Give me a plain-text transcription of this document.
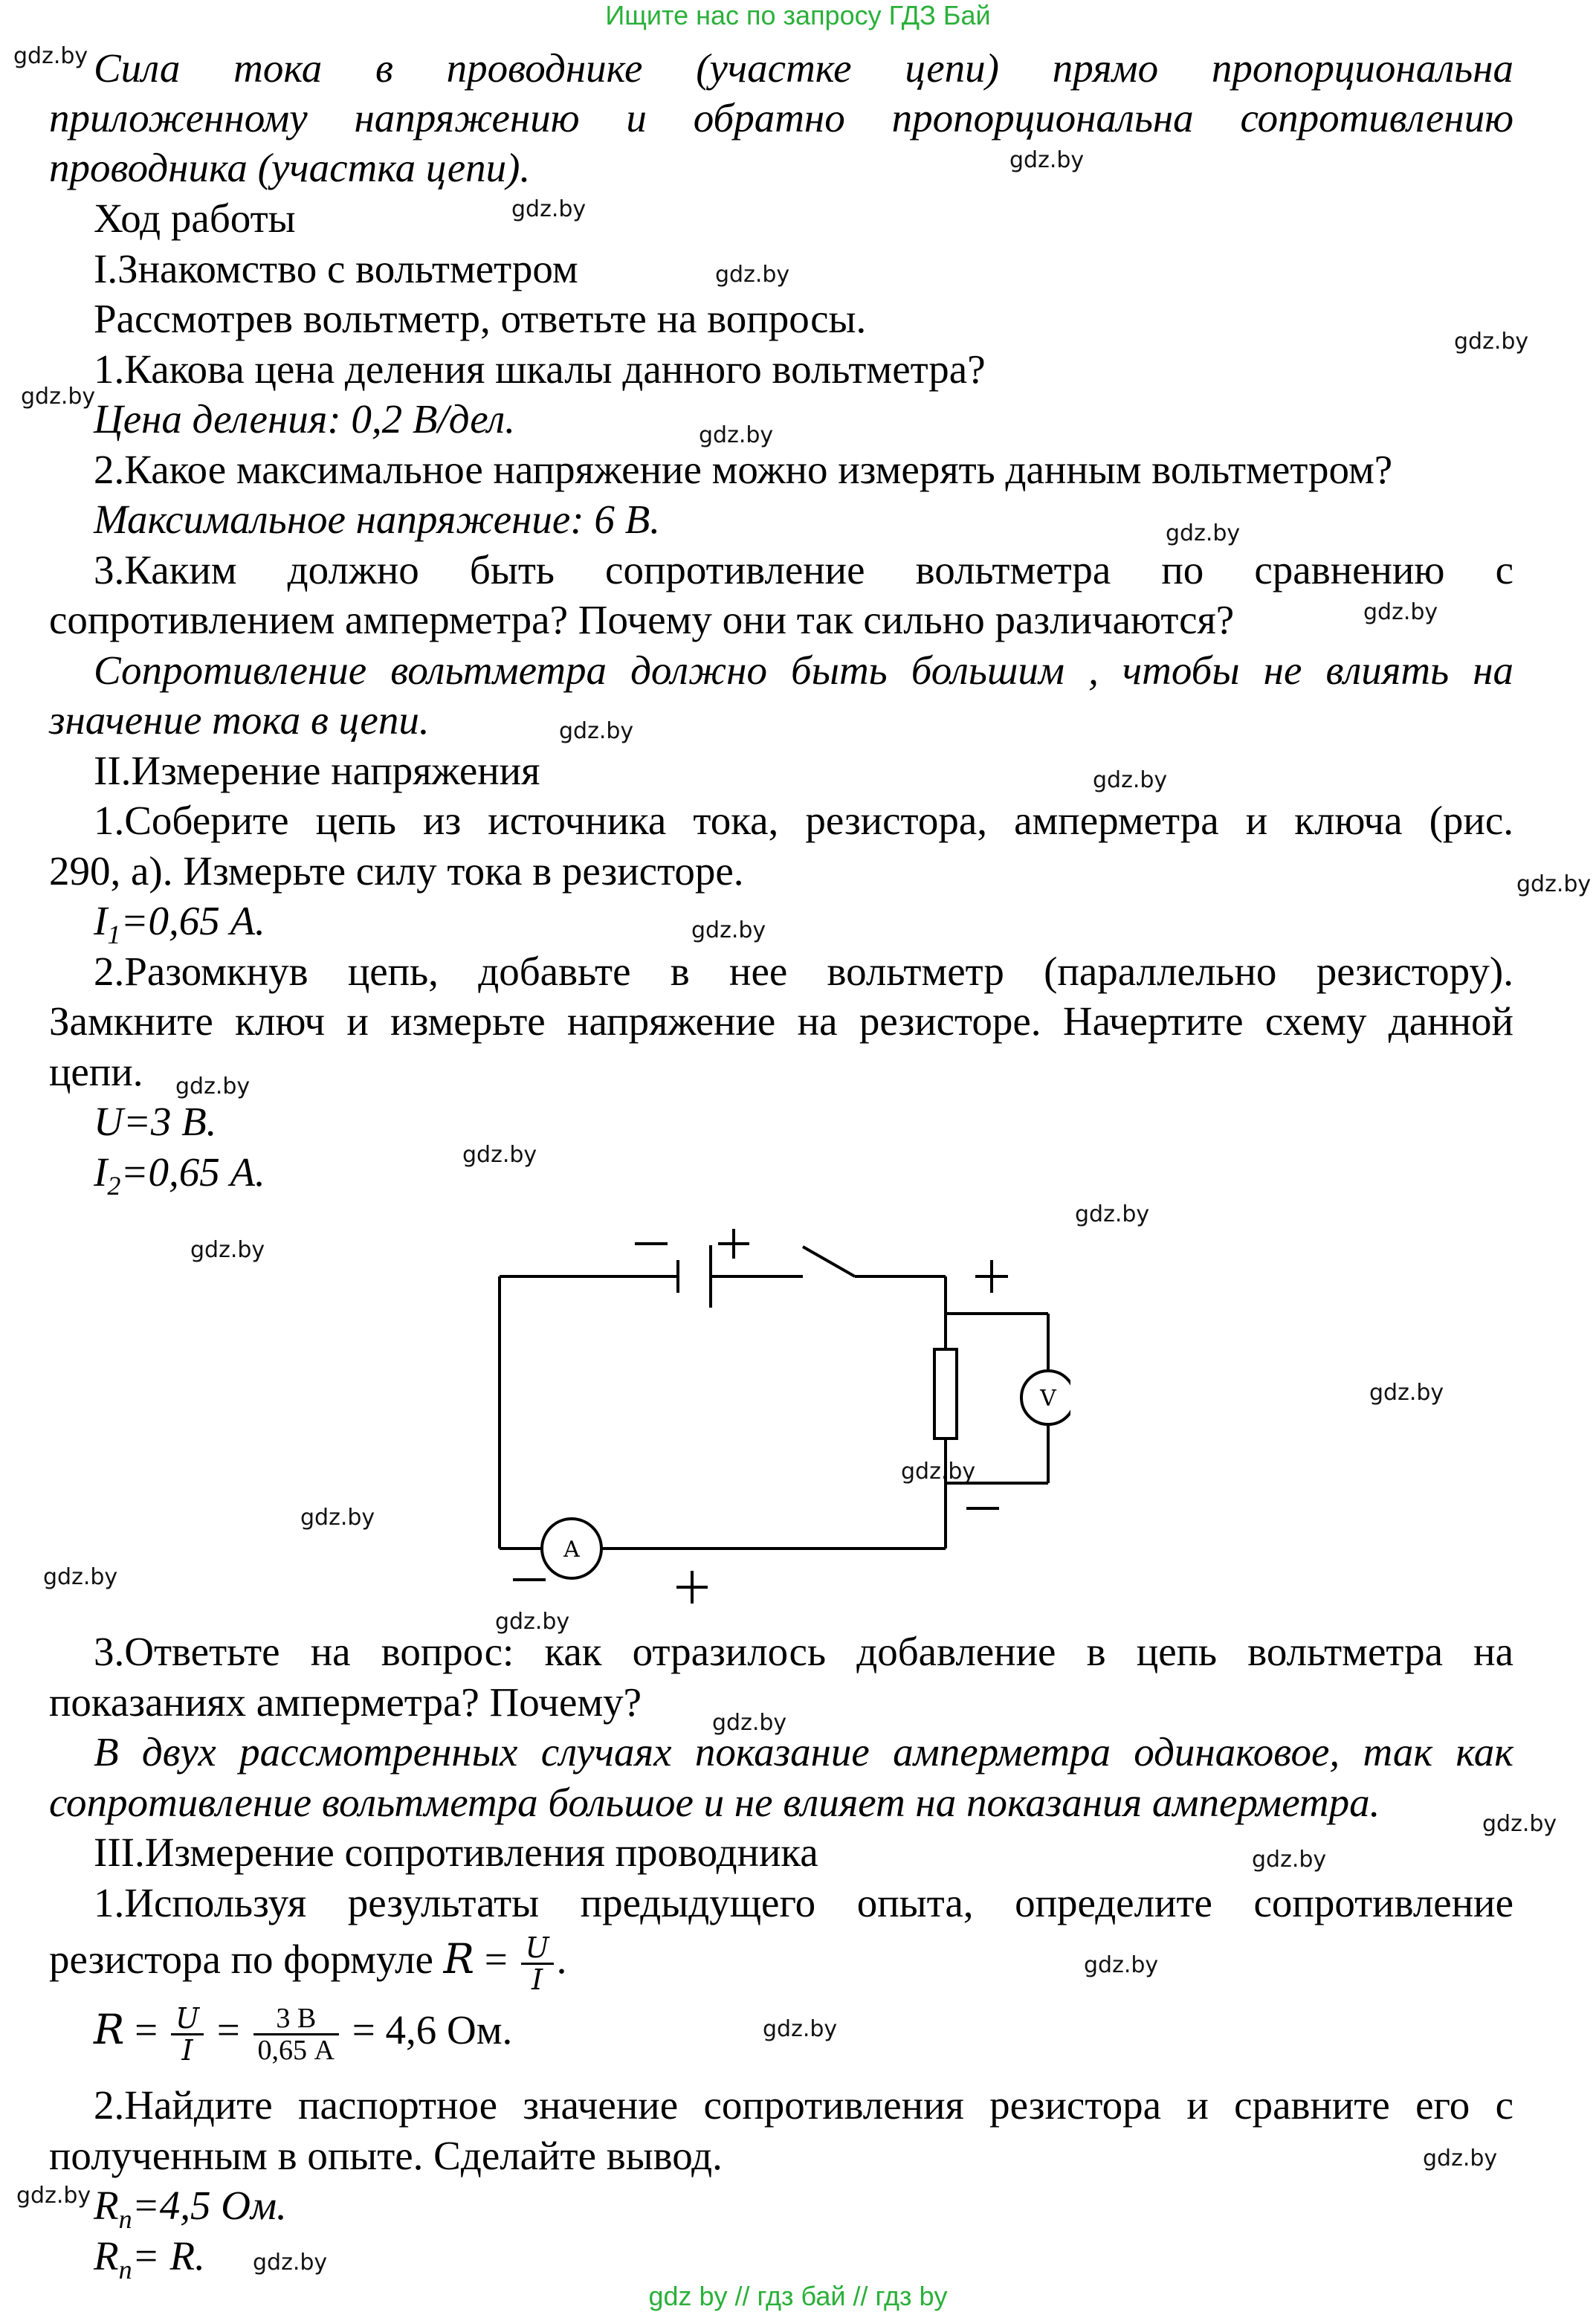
Ищите нас по запросу ГДЗ Бай
gdz by // гдз бай // гдз by
gdz.by
gdz.by
gdz.by
gdz.by
gdz.by
gdz.by
gdz.by
gdz.by
gdz.by
gdz.by
gdz.by
gdz.by
gdz.by
gdz.by
gdz.by
gdz.by
gdz.by
gdz.by
gdz.by
gdz.by
gdz.by
gdz.by
gdz.by
gdz.by
gdz.by
gdz.by
gdz.by
gdz.by
gdz.by
gdz.by
Сила тока в проводнике (участке цепи) прямо пропорциональна
приложенному напряжению и обратно пропорциональна сопротивлению
проводника (участка цепи).
Ход работы
I.Знакомство с вольтметром
Рассмотрев вольтметр, ответьте на вопросы.
1.Какова цена деления шкалы данного вольтметра?
Цена деления: 0,2 В/дел.
2.Какое максимальное напряжение можно измерять данным вольтметром?
Максимальное напряжение: 6 В.
3.Каким должно быть сопротивление вольтметра по сравнению с
сопротивлением амперметра? Почему они так сильно различаются?
Сопротивление вольтметра должно быть большим , чтобы не влиять на
значение тока в цепи.
II.Измерение напряжения
1.Соберите цепь из источника тока, резистора, амперметра и ключа (рис.
290, а). Измерьте силу тока в резисторе.
$I_1=0,65$ А.
2.Разомкнув цепь, добавьте в нее вольтметр (параллельно резистору).
Замкните ключ и измерьте напряжение на резисторе. Начертите схему данной
цепи.
U=3 В.
$I_2=0,65$ А.
V
A
3.Ответьте на вопрос: как отразилось добавление в цепь вольтметра на
показаниях амперметра? Почему?
В двух рассмотренных случаях показание амперметра одинаковое, так как
сопротивление вольтметра большое и не влияет на показания амперметра.
III.Измерение сопротивления проводника
1.Используя результаты предыдущего опыта, определите сопротивление
резистора по формуле $R = \frac{U}{I}$ .
$R = \frac{U}{I} = \frac{3 В}{0,65 А} = 4,6$ Ом.
2.Найдите паспортное значение сопротивления резистора и сравните его с
полученным в опыте. Сделайте вывод.
$R_n=4,5$ Ом.
$R_n= R$.
